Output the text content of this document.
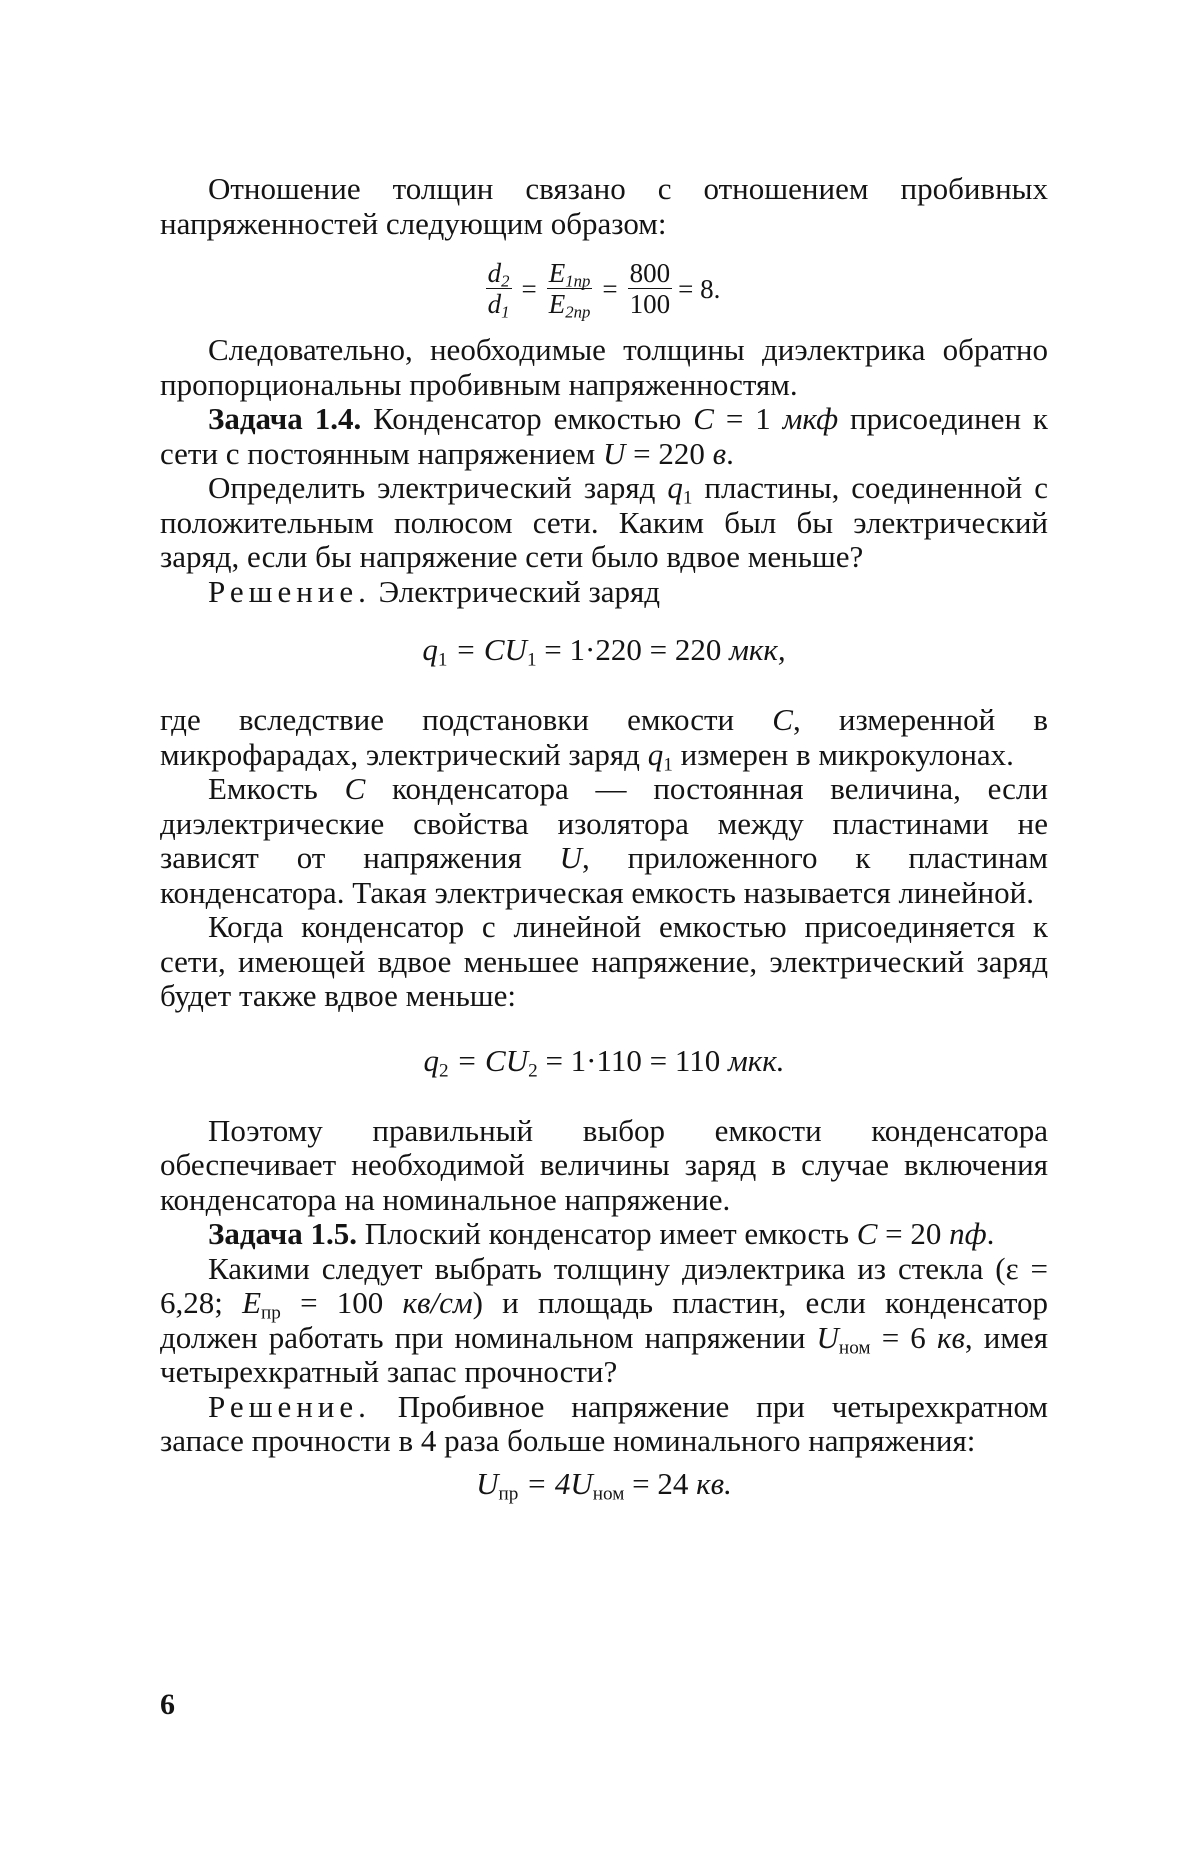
Отношение толщин связано с отношением пробивных напряженностей следующим образом:

d2
d1
=
E1пр
E2пр
=
800
100
= 8.

Следовательно, необходимые толщины диэлектрика обратно пропорциональны пробивным напряженностям.

Задача 1.4. Конденсатор емкостью C = 1 мкф присоединен к сети с постоянным напряжением U = 220 в.

Определить электрический заряд q1 пластины, соединенной с положительным полюсом сети. Каким был бы электрический заряд, если бы напряжение сети было вдвое меньше?

Решение. Электрический заряд

q1 = CU1 = 1·220 = 220 мкк,

где вследствие подстановки емкости C, измеренной в микрофарадах, электрический заряд q1 измерен в микрокулонах.

Емкость C конденсатора — постоянная величина, если диэлектрические свойства изолятора между пластинами не зависят от напряжения U, приложенного к пластинам конденсатора. Такая электрическая емкость называется линейной.

Когда конденсатор с линейной емкостью присоединяется к сети, имеющей вдвое меньшее напряжение, электрический заряд будет также вдвое меньше:

q2 = CU2 = 1·110 = 110 мкк.

Поэтому правильный выбор емкости конденсатора обеспечивает необходимой величины заряд в случае включения конденсатора на номинальное напряжение.

Задача 1.5. Плоский конденсатор имеет емкость C = 20 пф.

Какими следует выбрать толщину диэлектрика из стекла (ε = 6,28; Eпр = 100 кв/см) и площадь пластин, если конденсатор должен работать при номинальном напряжении Uном = 6 кв, имея четырехкратный запас прочности?

Решение. Пробивное напряжение при четырехкратном запасе прочности в 4 раза больше номинального напряжения:

Uпр = 4Uном = 24 кв.
6
